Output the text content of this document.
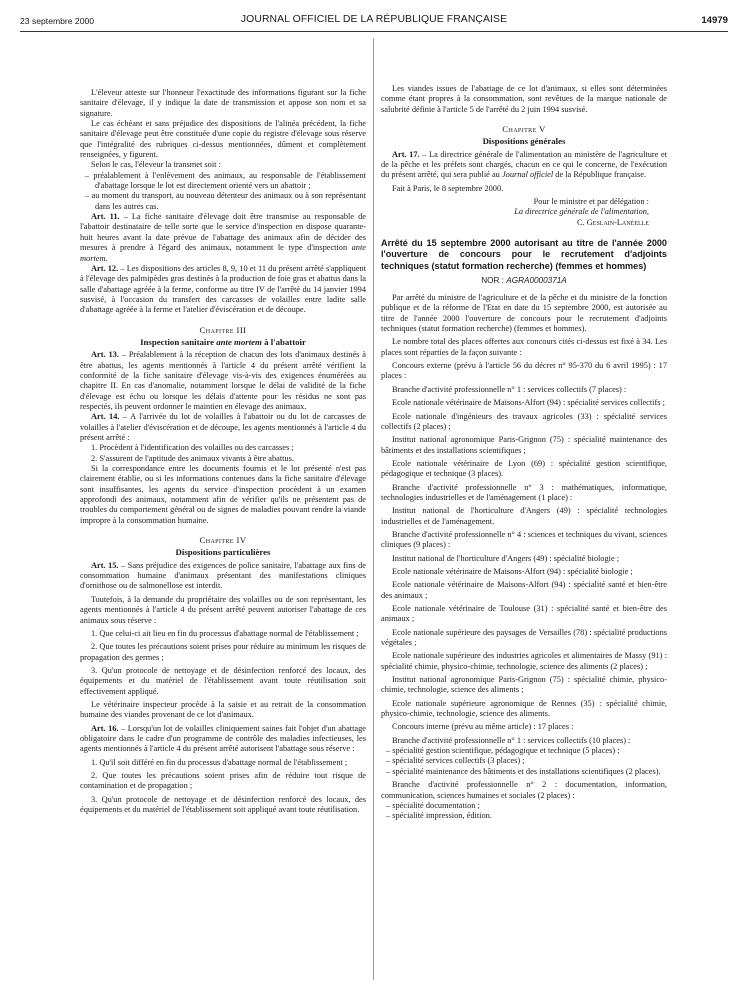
23 septembre 2000	JOURNAL OFFICIEL DE LA RÉPUBLIQUE FRANÇAISE	14979

L'éleveur atteste sur l'honneur l'exactitude des informations figurant sur la fiche sanitaire d'élevage, il y indique la date de transmission et appose son nom et sa signature.

Le cas échéant et sans préjudice des dispositions de l'alinéa précédent, la fiche sanitaire d'élevage peut être constituée d'une copie du registre d'élevage sous réserve que l'intégralité des rubriques ci-dessus mentionnées, dûment et complètement renseignées, y figurent.

Selon le cas, l'éleveur la transmet soit :

– préalablement à l'enlèvement des animaux, au responsable de l'établissement d'abattage lorsque le lot est directement orienté vers un abattoir ;

– au moment du transport, au nouveau détenteur des animaux ou à son représentant dans les autres cas.

Art. 11. – La fiche sanitaire d'élevage doit être transmise au responsable de l'abattoir destinataire de telle sorte que le service d'inspection en dispose quarante-huit heures avant la date prévue de l'abattage des animaux afin de décider des mesures à prendre à l'égard des animaux, notamment le type d'inspection ante mortem.

Art. 12. – Les dispositions des articles 8, 9, 10 et 11 du présent arrêté s'appliquent à l'élevage des palmipèdes gras destinés à la production de foie gras et abattus dans la salle d'abattage agréée à la ferme, conforme au titre IV de l'arrêté du 14 janvier 1994 susvisé, à l'occasion du transfert des carcasses de volailles entre ladite salle d'abattage agréée à la ferme et l'atelier d'éviscération et de découpe.

Chapitre III

Inspection sanitaire ante mortem à l'abattoir

Art. 13. – Préalablement à la réception de chacun des lots d'animaux destinés à être abattus, les agents mentionnés à l'article 4 du présent arrêté vérifient la conformité de la fiche sanitaire d'élevage vis-à-vis des exigences énumérées au chapitre II. En cas d'anomalie, notamment lorsque le délai de validité de la fiche d'élevage est échu ou lorsque les délais d'attente pour les résidus ne sont pas respectés, ils peuvent ordonner le maintien en élevage des animaux.

Art. 14. – A l'arrivée du lot de volailles à l'abattoir ou du lot de carcasses de volailles à l'atelier d'éviscération et de découpe, les agents mentionnés à l'article 4 du présent arrêté :

1. Procèdent à l'identification des volailles ou des carcasses ;

2. S'assurent de l'aptitude des animaux vivants à être abattus.

Si la correspondance entre les documents fournis et le lot présenté n'est pas clairement établie, ou si les informations contenues dans la fiche sanitaire d'élevage sont insuffisantes, les agents du service d'inspection procèdent à un examen approfondi des animaux, notamment afin de vérifier qu'ils ne présentent pas de troubles du comportement général ou de signes de maladies pouvant rendre la viande impropre à la consommation humaine.

Chapitre IV

Dispositions particulières

Art. 15. – Sans préjudice des exigences de police sanitaire, l'abattage aux fins de consommation humaine d'animaux présentant des manifestations cliniques d'ornithose ou de salmonellose est interdit.

Toutefois, à la demande du propriétaire des volailles ou de son représentant, les agents mentionnés à l'article 4 du présent arrêté peuvent autoriser l'abattage de ces animaux sous réserve :

1. Que celui-ci ait lieu en fin du processus d'abattage normal de l'établissement ;

2. Que toutes les précautions soient prises pour réduire au minimum les risques de propagation des germes ;

3. Qu'un protocole de nettoyage et de désinfection renforcé des locaux, des équipements et du matériel de l'établissement avant toute réutilisation soit effectivement appliqué.

Le vétérinaire inspecteur procède à la saisie et au retrait de la consommation humaine des viandes provenant de ce lot d'animaux.

Art. 16. – Lorsqu'un lot de volailles cliniquement saines fait l'objet d'un abattage obligatoire dans le cadre d'un programme de contrôle des maladies infectieuses, les agents mentionnés à l'article 4 du présent arrêté autorisent l'abattage sous réserve :

1. Qu'il soit différé en fin du processus d'abattage normal de l'établissement ;

2. Que toutes les précautions soient prises afin de réduire tout risque de contamination et de propagation ;

3. Qu'un protocole de nettoyage et de désinfection renforcé des locaux, des équipements et du matériel de l'établissement soit appliqué avant toute réutilisation.

Les viandes issues de l'abattage de ce lot d'animaux, si elles sont déterminées comme étant propres à la consommation, sont revêtues de la marque nationale de salubrité définie à l'article 5 de l'arrêté du 2 juin 1994 susvisé.

Chapitre V

Dispositions générales

Art. 17. – La directrice générale de l'alimentation au ministère de l'agriculture et de la pêche et les préfets sont chargés, chacun en ce qui le concerne, de l'exécution du présent arrêté, qui sera publié au Journal officiel de la République française.

Fait à Paris, le 8 septembre 2000.

Pour le ministre et par délégation :

La directrice générale de l'alimentation,

C. Geslain-Lanéelle

Arrêté du 15 septembre 2000 autorisant au titre de l'année 2000 l'ouverture de concours pour le recrutement d'adjoints techniques (statut formation recherche) (femmes et hommes)

NOR : AGRA0000371A

Par arrêté du ministre de l'agriculture et de la pêche et du ministre de la fonction publique et de la réforme de l'Etat en date du 15 septembre 2000, est autorisée au titre de l'année 2000 l'ouverture de concours pour le recrutement d'adjoints techniques (statut formation recherche) (femmes et hommes).

Le nombre total des places offertes aux concours cités ci-dessus est fixé à 34. Les places sont réparties de la façon suivante :

Concours externe (prévu à l'article 56 du décret n° 95-370 du 6 avril 1995) : 17 places :

Branche d'activité professionnelle n° 1 : services collectifs (7 places) :

Ecole nationale vétérinaire de Maisons-Alfort (94) : spécialité services collectifs ;

Ecole nationale d'ingénieurs des travaux agricoles (33) : spécialité services collectifs (2 places) ;

Institut national agronomique Paris-Grignon (75) : spécialité maintenance des bâtiments et des installations scientifiques ;

Ecole nationale vétérinaire de Lyon (69) : spécialité gestion scientifique, pédagogique et technique (3 places).

Branche d'activité professionnelle n° 3 : mathématiques, informatique, technologies industrielles et de l'aménagement (1 place) :

Institut national de l'horticulture d'Angers (49) : spécialité technologies industrielles et de l'aménagement.

Branche d'activité professionnelle n° 4 : sciences et techniques du vivant, sciences cliniques (9 places) :

Institut national de l'horticulture d'Angers (49) : spécialité biologie ;

Ecole nationale vétérinaire de Maisons-Alfort (94) : spécialité biologie ;

Ecole nationale vétérinaire de Maisons-Alfort (94) : spécialité santé et bien-être des animaux ;

Ecole nationale vétérinaire de Toulouse (31) : spécialité santé et bien-être des animaux ;

Ecole nationale supérieure des paysages de Versailles (78) : spécialité productions végétales ;

Ecole nationale supérieure des industries agricoles et alimentaires de Massy (91) : spécialité chimie, physico-chimie, technologie, science des aliments (2 places) ;

Institut national agronomique Paris-Grignon (75) : spécialité chimie, physico-chimie, technologie, science des aliments ;

Ecole nationale supérieure agronomique de Rennes (35) : spécialité chimie, physico-chimie, technologie, science des aliments.

Concours interne (prévu au même article) : 17 places :

Branche d'activité professionnelle n° 1 : services collectifs (10 places) :

– spécialité gestion scientifique, pédagogique et technique (5 places) ;

– spécialité services collectifs (3 places) ;

– spécialité maintenance des bâtiments et des installations scientifiques (2 places).

Branche d'activité professionnelle n° 2 : documentation, information, communication, sciences humaines et sociales (2 places) :

– spécialité documentation ;

– spécialité impression, édition.
